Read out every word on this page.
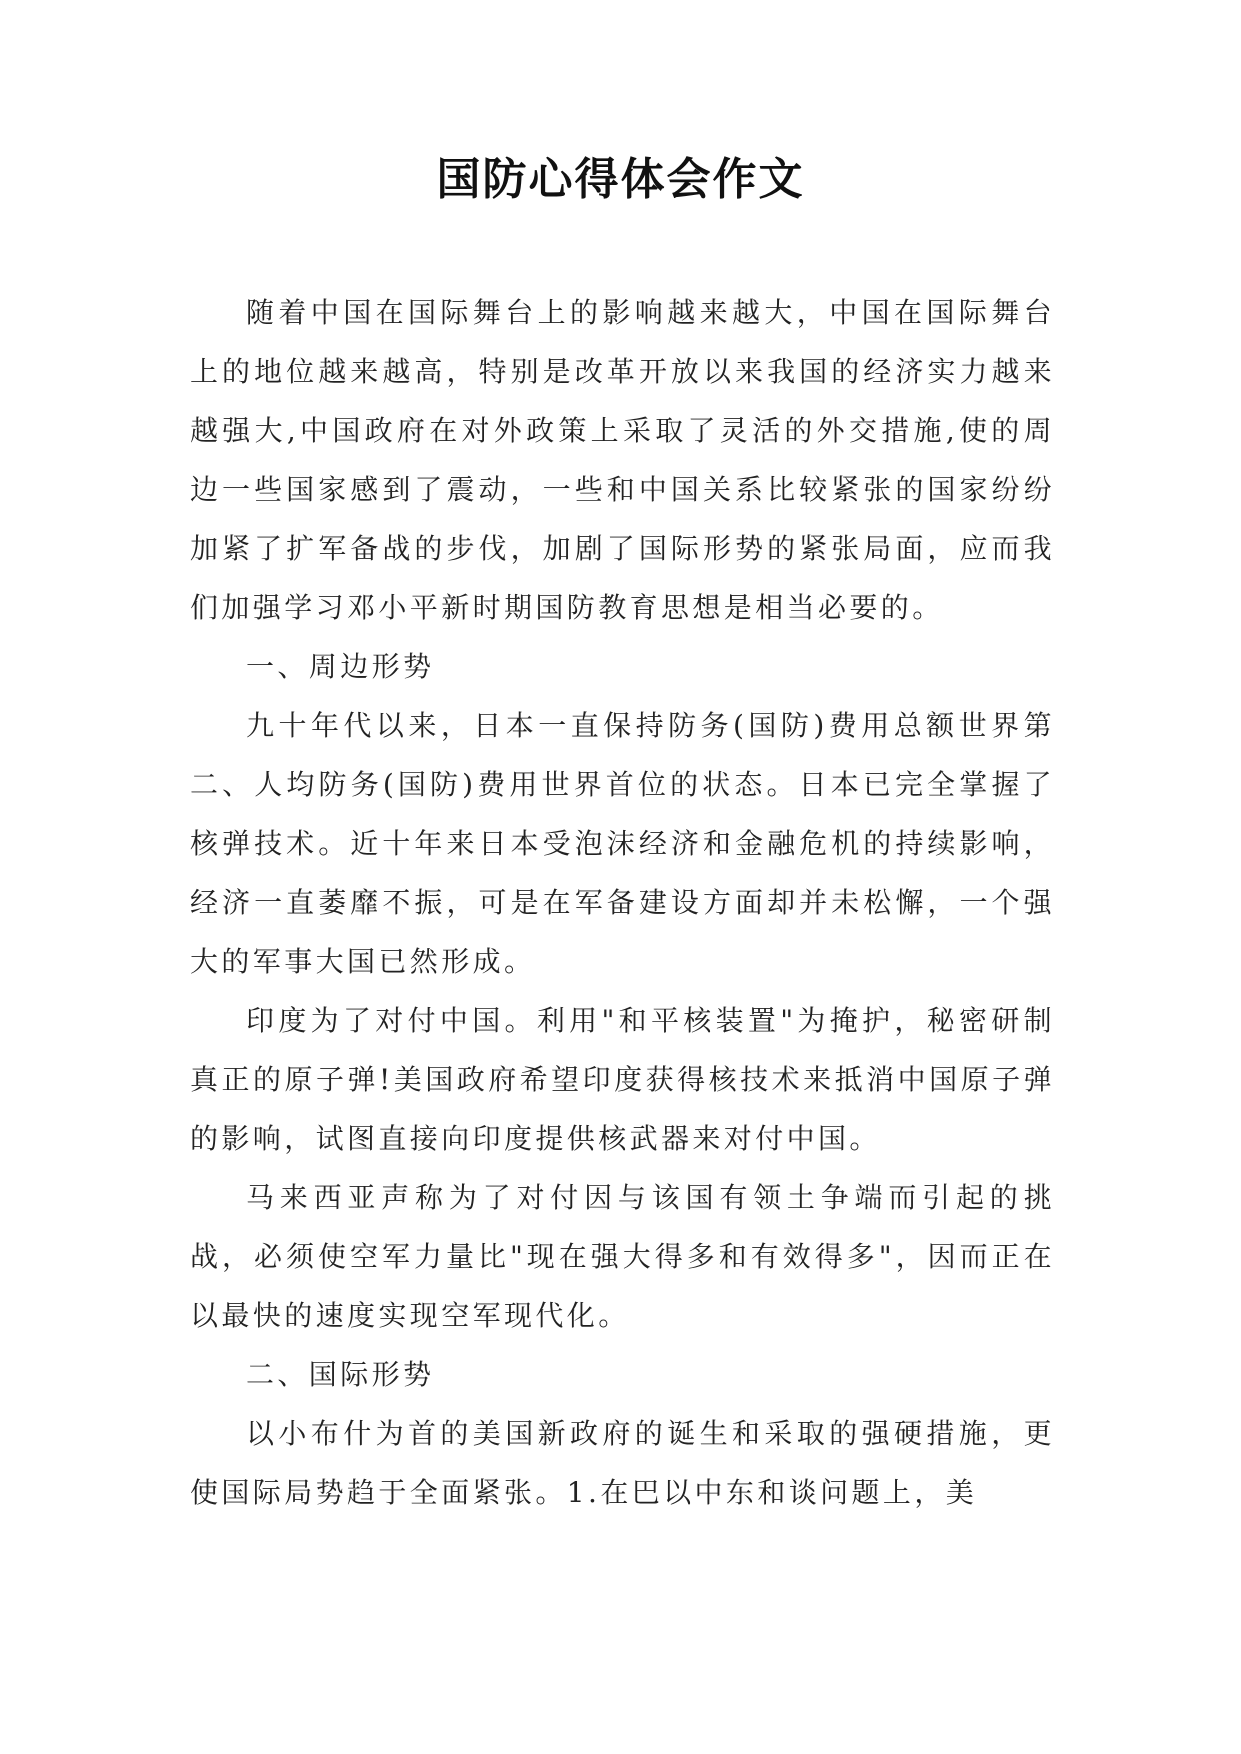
国防心得体会作文

随着中国在国际舞台上的影响越来越大，中国在国际舞台上的地位越来越高，特别是改革开放以来我国的经济实力越来越强大,中国政府在对外政策上采取了灵活的外交措施,使的周边一些国家感到了震动，一些和中国关系比较紧张的国家纷纷加紧了扩军备战的步伐，加剧了国际形势的紧张局面，应而我们加强学习邓小平新时期国防教育思想是相当必要的。

一、周边形势

九十年代以来，日本一直保持防务(国防)费用总额世界第二、人均防务(国防)费用世界首位的状态。日本已完全掌握了核弹技术。近十年来日本受泡沫经济和金融危机的持续影响，经济一直萎靡不振，可是在军备建设方面却并未松懈，一个强大的军事大国已然形成。

印度为了对付中国。利用"和平核装置"为掩护，秘密研制真正的原子弹!美国政府希望印度获得核技术来抵消中国原子弹的影响，试图直接向印度提供核武器来对付中国。

马来西亚声称为了对付因与该国有领土争端而引起的挑战，必须使空军力量比"现在强大得多和有效得多"，因而正在以最快的速度实现空军现代化。

二、国际形势

以小布什为首的美国新政府的诞生和采取的强硬措施，更使国际局势趋于全面紧张。1.在巴以中东和谈问题上，美
